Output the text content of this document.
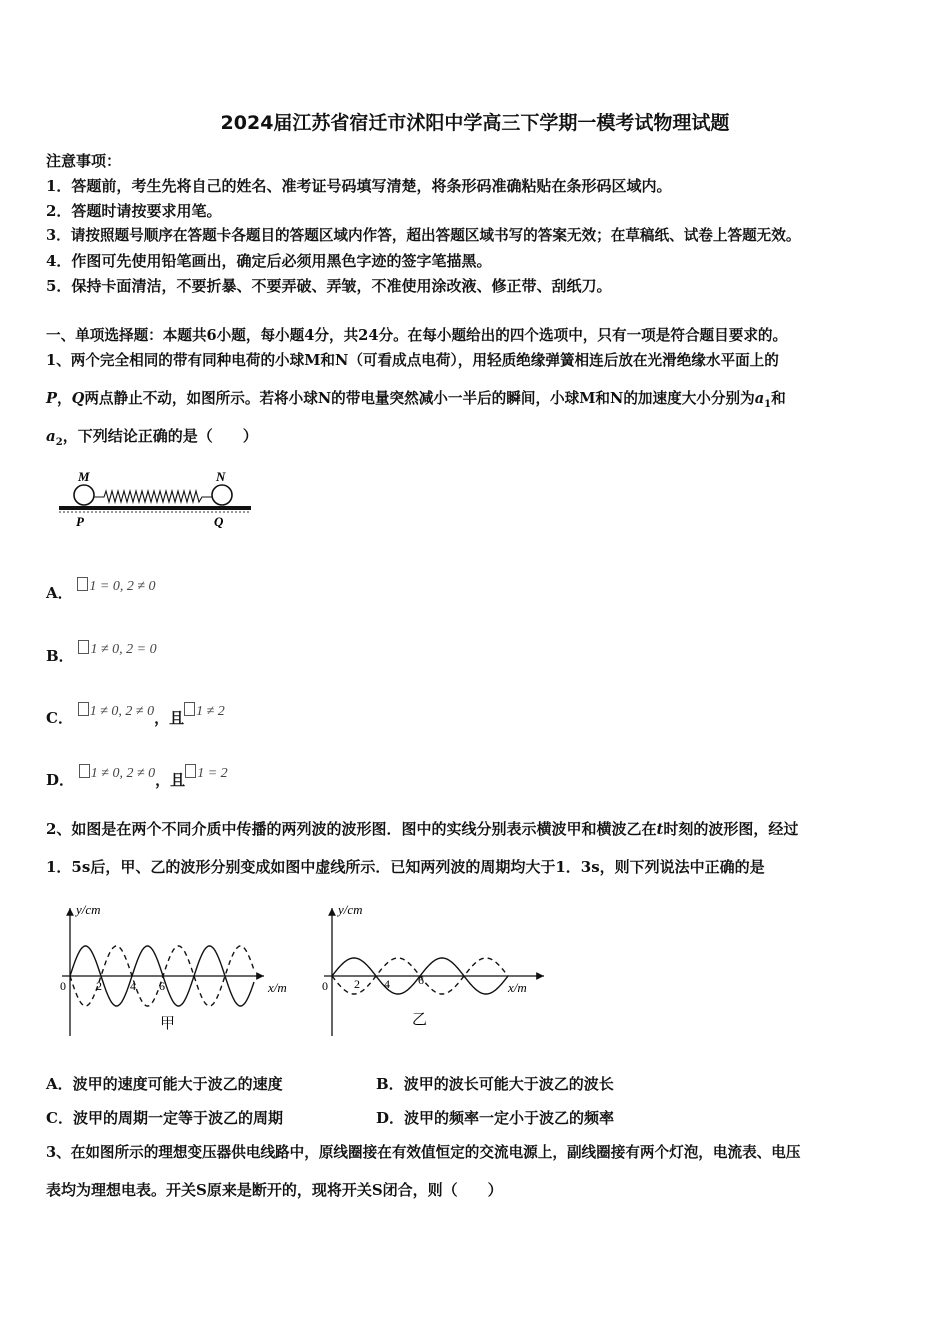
2024届江苏省宿迁市沭阳中学高三下学期一模考试物理试题
注意事项：
1．答题前，考生先将自己的姓名、准考证号码填写清楚，将条形码准确粘贴在条形码区域内。
2．答题时请按要求用笔。
3．请按照题号顺序在答题卡各题目的答题区域内作答，超出答题区域书写的答案无效；在草稿纸、试卷上答题无效。
4．作图可先使用铅笔画出，确定后必须用黑色字迹的签字笔描黑。
5．保持卡面清洁，不要折暴、不要弄破、弄皱，不准使用涂改液、修正带、刮纸刀。
一、单项选择题：本题共6小题，每小题4分，共24分。在每小题给出的四个选项中，只有一项是符合题目要求的。
1、两个完全相同的带有同种电荷的小球M和N（可看成点电荷），用轻质绝缘弹簧相连后放在光滑绝缘水平面上的
P，Q两点静止不动，如图所示。若将小球N的带电量突然减小一半后的瞬间，小球M和N的加速度大小分别为$a_1$和
$a_2$，下列结论正确的是（　　）
M	N
P	Q
A． 1 = 0, 2 ≠ 0
B． 1 ≠ 0, 2 = 0
C． 1 ≠ 0, 2 ≠ 0，且 1 ≠ 2
D． 1 ≠ 0, 2 ≠ 0，且 1 = 2
2、如图是在两个不同介质中传播的两列波的波形图．图中的实线分别表示横波甲和横波乙在t时刻的波形图，经过
1．5s后，甲、乙的波形分别变成如图中虚线所示．已知两列波的周期均大于1．3s，则下列说法中正确的是
y/cm
x/m
0	2 4 6
甲
y/cm
x/m
0 2 4 6
乙
A．波甲的速度可能大于波乙的速度	B．波甲的波长可能大于波乙的波长
C．波甲的周期一定等于波乙的周期	D．波甲的频率一定小于波乙的频率
3、在如图所示的理想变压器供电线路中，原线圈接在有效值恒定的交流电源上，副线圈接有两个灯泡，电流表、电压
表均为理想电表。开关S原来是断开的，现将开关S闭合，则（　　）
